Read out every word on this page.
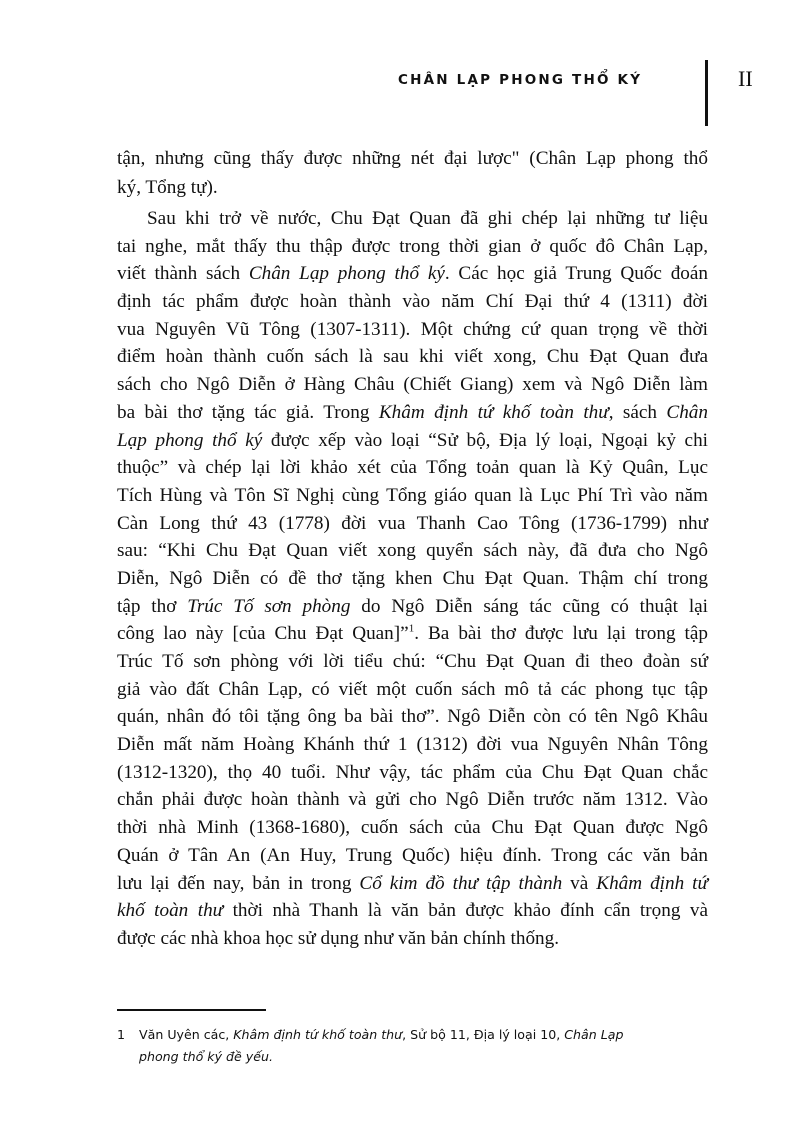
CHÂN LẠP PHONG THỔ KÝ	II
tận, nhưng cũng thấy được những nét đại lược" (Chân Lạp phong thổ
ký, Tổng tự).
Sau khi trở về nước, Chu Đạt Quan đã ghi chép lại những tư liệu
tai nghe, mắt thấy thu thập được trong thời gian ở quốc đô Chân Lạp,
viết thành sách Chân Lạp phong thổ ký. Các học giả Trung Quốc đoán
định tác phẩm được hoàn thành vào năm Chí Đại thứ 4 (1311) đời
vua Nguyên Vũ Tông (1307-1311). Một chứng cứ quan trọng về thời
điểm hoàn thành cuốn sách là sau khi viết xong, Chu Đạt Quan đưa
sách cho Ngô Diễn ở Hàng Châu (Chiết Giang) xem và Ngô Diễn làm
ba bài thơ tặng tác giả. Trong Khâm định tứ khố toàn thư, sách Chân
Lạp phong thổ ký được xếp vào loại “Sử bộ, Địa lý loại, Ngoại kỷ chi
thuộc” và chép lại lời khảo xét của Tổng toản quan là Kỷ Quân, Lục
Tích Hùng và Tôn Sĩ Nghị cùng Tổng giáo quan là Lục Phí Trì vào năm
Càn Long thứ 43 (1778) đời vua Thanh Cao Tông (1736-1799) như
sau: “Khi Chu Đạt Quan viết xong quyển sách này, đã đưa cho Ngô
Diễn, Ngô Diễn có đề thơ tặng khen Chu Đạt Quan. Thậm chí trong
tập thơ Trúc Tố sơn phòng do Ngô Diễn sáng tác cũng có thuật lại
công lao này [của Chu Đạt Quan]”$^1$. Ba bài thơ được lưu lại trong tập
Trúc Tố sơn phòng với lời tiểu chú: “Chu Đạt Quan đi theo đoàn sứ
giả vào đất Chân Lạp, có viết một cuốn sách mô tả các phong tục tập
quán, nhân đó tôi tặng ông ba bài thơ”. Ngô Diễn còn có tên Ngô Khâu
Diễn mất năm Hoàng Khánh thứ 1 (1312) đời vua Nguyên Nhân Tông
(1312-1320), thọ 40 tuổi. Như vậy, tác phẩm của Chu Đạt Quan chắc
chắn phải được hoàn thành và gửi cho Ngô Diễn trước năm 1312. Vào
thời nhà Minh (1368-1680), cuốn sách của Chu Đạt Quan được Ngô
Quán ở Tân An (An Huy, Trung Quốc) hiệu đính. Trong các văn bản
lưu lại đến nay, bản in trong Cổ kim đồ thư tập thành và Khâm định tứ
khố toàn thư thời nhà Thanh là văn bản được khảo đính cẩn trọng và
được các nhà khoa học sử dụng như văn bản chính thống.
1 Văn Uyên các, Khâm định tứ khố toàn thư, Sử bộ 11, Địa lý loại 10, Chân Lạp
phong thổ ký đề yếu.
